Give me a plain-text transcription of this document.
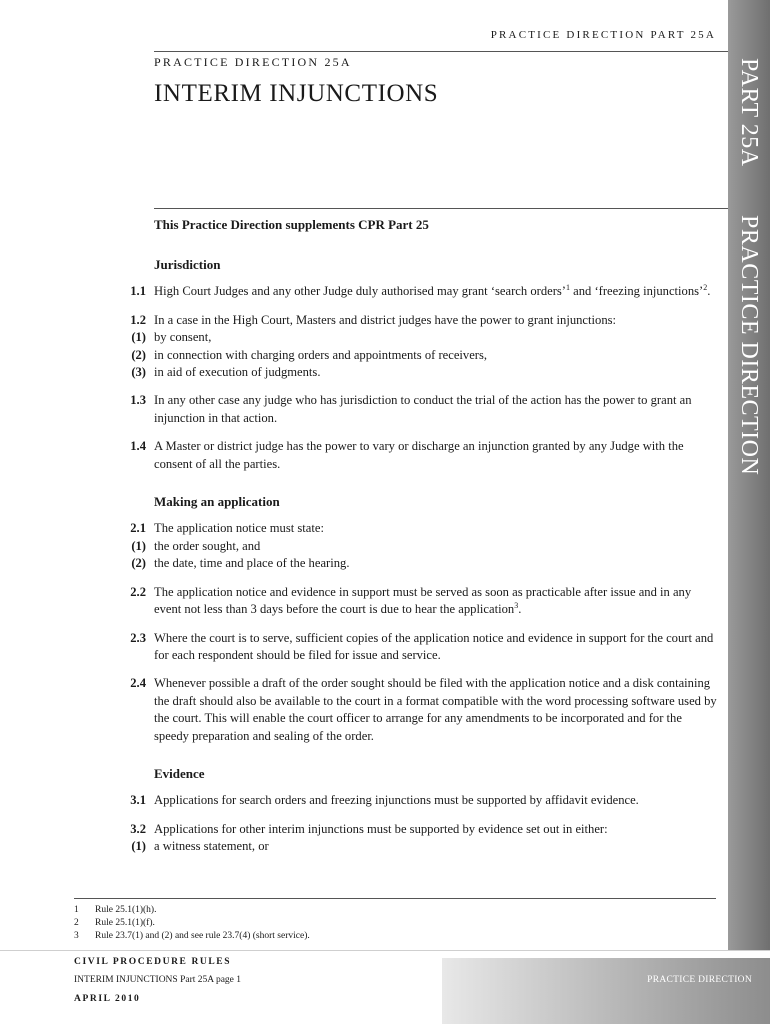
PART 25A
PRACTICE DIRECTION
PRACTICE DIRECTION PART 25A
PRACTICE DIRECTION 25A
INTERIM INJUNCTIONS
This Practice Direction supplements CPR Part 25
Jurisdiction
1.1 High Court Judges and any other Judge duly authorised may grant ‘search orders’$^1$ and ‘freezing injunctions’$^2$.
1.2 In a case in the High Court, Masters and district judges have the power to grant injunctions:
(1) by consent,
(2) in connection with charging orders and appointments of receivers,
(3) in aid of execution of judgments.
1.3 In any other case any judge who has jurisdiction to conduct the trial of the action has the power to grant an injunction in that action.
1.4 A Master or district judge has the power to vary or discharge an injunction granted by any Judge with the consent of all the parties.
Making an application
2.1 The application notice must state:
(1) the order sought, and
(2) the date, time and place of the hearing.
2.2 The application notice and evidence in support must be served as soon as practicable after issue and in any event not less than 3 days before the court is due to hear the application$^3$.
2.3 Where the court is to serve, sufficient copies of the application notice and evidence in support for the court and for each respondent should be filed for issue and service.
2.4 Whenever possible a draft of the order sought should be filed with the application notice and a disk containing the draft should also be available to the court in a format compatible with the word processing software used by the court. This will enable the court officer to arrange for any amendments to be incorporated and for the speedy preparation and sealing of the order.
Evidence
3.1 Applications for search orders and freezing injunctions must be supported by affidavit evidence.
3.2 Applications for other interim injunctions must be supported by evidence set out in either:
(1) a witness statement, or
1	Rule 25.1(1)(h).
2	Rule 25.1(1)(f).
3	Rule 23.7(1) and (2) and see rule 23.7(4) (short service).
PRACTICE DIRECTION
CIVIL PROCEDURE RULES
INTERIM INJUNCTIONS Part 25A page 1
APRIL 2010
